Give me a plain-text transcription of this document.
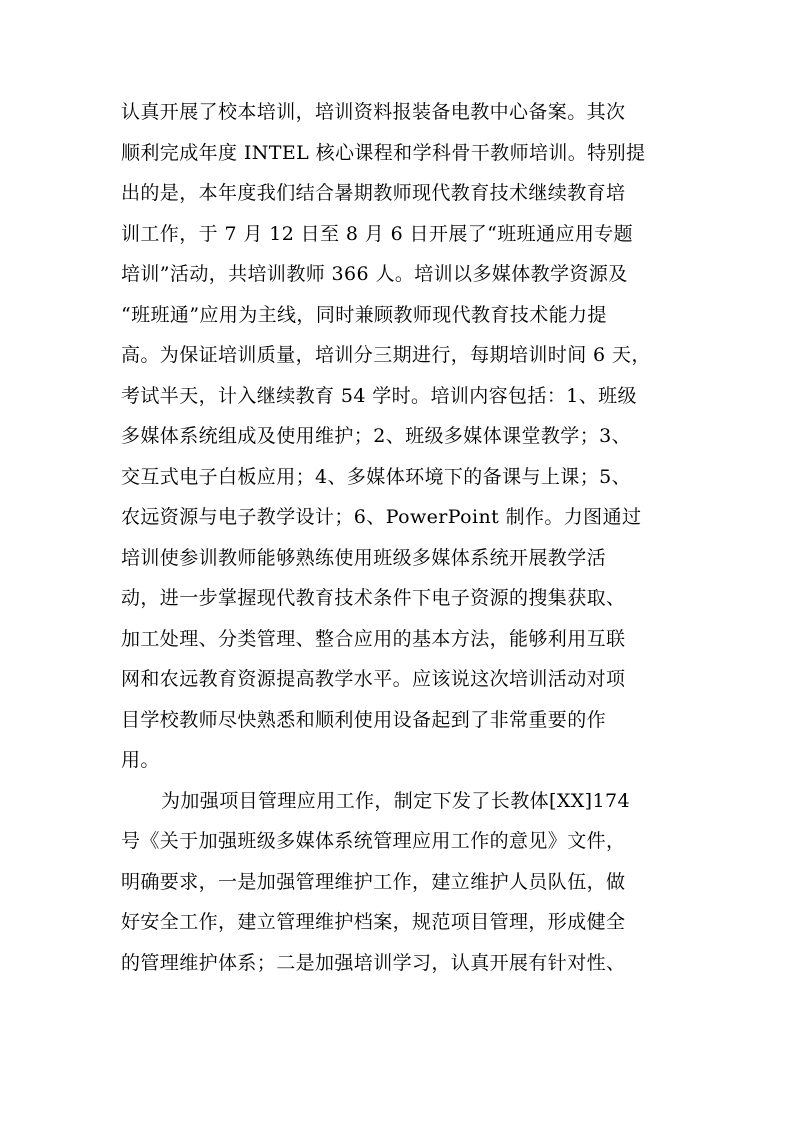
认真开展了校本培训，培训资料报装备电教中心备案。其次
顺利完成年度 INTEL 核心课程和学科骨干教师培训。特别提
出的是，本年度我们结合暑期教师现代教育技术继续教育培
训工作，于 7 月 12 日至 8 月 6 日开展了“班班通应用专题
培训”活动，共培训教师 366 人。培训以多媒体教学资源及
“班班通”应用为主线，同时兼顾教师现代教育技术能力提
高。为保证培训质量，培训分三期进行，每期培训时间 6 天，
考试半天，计入继续教育 54 学时。培训内容包括：1、班级
多媒体系统组成及使用维护；2、班级多媒体课堂教学；3、
交互式电子白板应用；4、多媒体环境下的备课与上课；5、
农远资源与电子教学设计；6、PowerPoint 制作。力图通过
培训使参训教师能够熟练使用班级多媒体系统开展教学活
动，进一步掌握现代教育技术条件下电子资源的搜集获取、
加工处理、分类管理、整合应用的基本方法，能够利用互联
网和农远教育资源提高教学水平。应该说这次培训活动对项
目学校教师尽快熟悉和顺利使用设备起到了非常重要的作
用。
为加强项目管理应用工作，制定下发了长教体[XX]174
号《关于加强班级多媒体系统管理应用工作的意见》文件，
明确要求，一是加强管理维护工作，建立维护人员队伍，做
好安全工作，建立管理维护档案，规范项目管理，形成健全
的管理维护体系；二是加强培训学习，认真开展有针对性、
